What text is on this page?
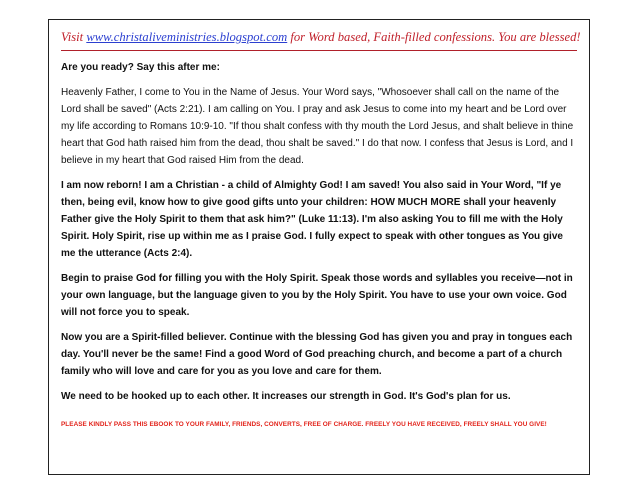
Visit www.christaliveministries.blogspot.com for Word based, Faith-filled confessions. You are blessed!
Are you ready? Say this after me:

Heavenly Father, I come to You in the Name of Jesus. Your Word says, "Whosoever shall call on the name of the Lord shall be saved" (Acts 2:21). I am calling on You. I pray and ask Jesus to come into my heart and be Lord over my life according to Romans 10:9-10. "If thou shalt confess with thy mouth the Lord Jesus, and shalt believe in thine heart that God hath raised him from the dead, thou shalt be saved." I do that now. I confess that Jesus is Lord, and I believe in my heart that God raised Him from the dead.

I am now reborn! I am a Christian - a child of Almighty God! I am saved! You also said in Your Word, "If ye then, being evil, know how to give good gifts unto your children: HOW MUCH MORE shall your heavenly Father give the Holy Spirit to them that ask him?" (Luke 11:13). I'm also asking You to fill me with the Holy Spirit. Holy Spirit, rise up within me as I praise God. I fully expect to speak with other tongues as You give me the utterance (Acts 2:4).

Begin to praise God for filling you with the Holy Spirit. Speak those words and syllables you receive—not in your own language, but the language given to you by the Holy Spirit. You have to use your own voice. God will not force you to speak.

Now you are a Spirit-filled believer. Continue with the blessing God has given you and pray in tongues each day. You'll never be the same! Find a good Word of God preaching church, and become a part of a church family who will love and care for you as you love and care for them.

We need to be hooked up to each other. It increases our strength in God. It's God's plan for us.

PLEASE KINDLY PASS THIS EBOOK TO YOUR FAMILY, FRIENDS, CONVERTS, FREE OF CHARGE. FREELY YOU HAVE RECEIVED, FREELY SHALL YOU GIVE!
